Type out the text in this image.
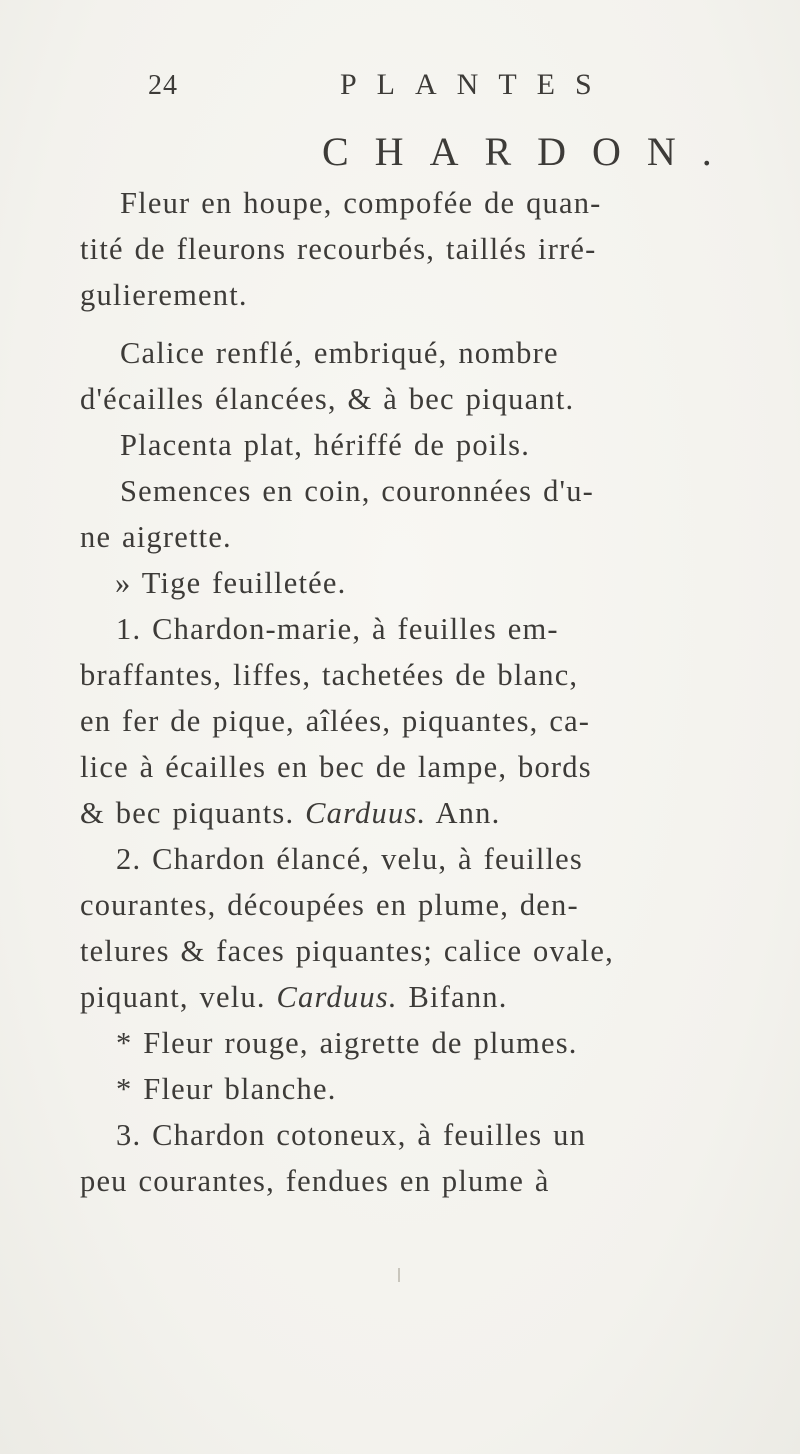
24	PLANTES
CHARDON.
Fleur en houpe, compofée de quan-
tité de fleurons recourbés, taillés irré-
gulierement.
Calice renflé, embriqué, nombre
d'écailles élancées, & à bec piquant.
Placenta plat, hériffé de poils.
Semences en coin, couronnées d'u-
ne aigrette.
» Tige feuilletée.
1. Chardon-marie, à feuilles em-
braffantes, liffes, tachetées de blanc,
en fer de pique, aîlées, piquantes, ca-
lice à écailles en bec de lampe, bords
& bec piquants. Carduus. Ann.
2. Chardon élancé, velu, à feuilles
courantes, découpées en plume, den-
telures & faces piquantes; calice ovale,
piquant, velu. Carduus. Bifann.
* Fleur rouge, aigrette de plumes.
* Fleur blanche.
3. Chardon cotoneux, à feuilles un
peu courantes, fendues en plume à
